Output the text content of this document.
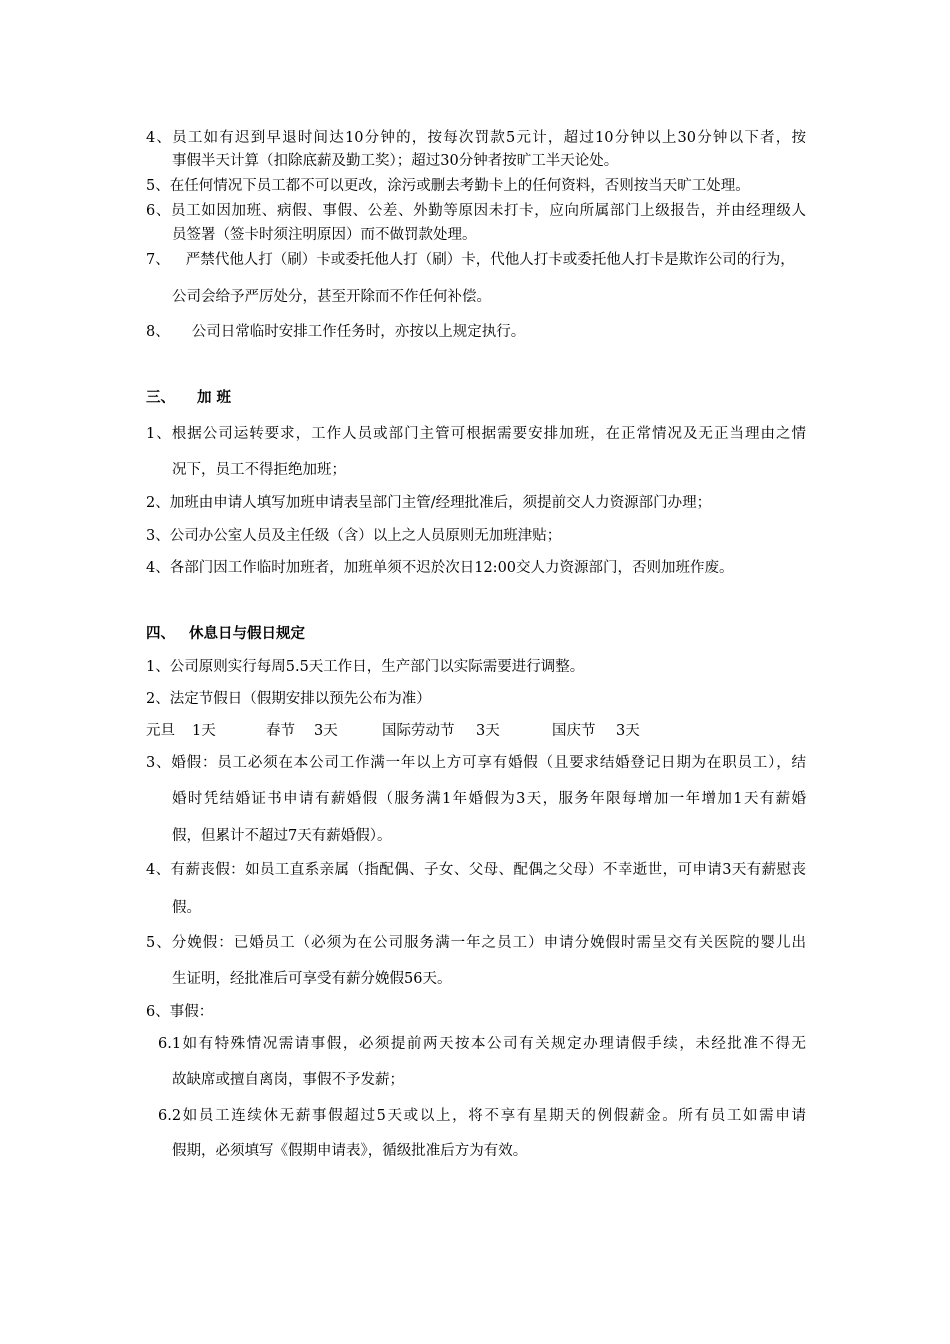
4、员工如有迟到早退时间达10分钟的，按每次罚款5元计，超过10分钟以上30分钟以下者，按
事假半天计算（扣除底薪及勤工奖）；超过30分钟者按旷工半天论处。
5、在任何情况下员工都不可以更改，涂污或删去考勤卡上的任何资料，否则按当天旷工处理。
6、员工如因加班、病假、事假、公差、外勤等原因未打卡，应向所属部门上级报告，并由经理级人
员签署（签卡时须注明原因）而不做罚款处理。
7、 严禁代他人打（刷）卡或委托他人打（刷）卡，代他人打卡或委托他人打卡是欺诈公司的行为，
公司会给予严厉处分，甚至开除而不作任何补偿。
8、 公司日常临时安排工作任务时，亦按以上规定执行。
三、 加 班
1、根据公司运转要求，工作人员或部门主管可根据需要安排加班，在正常情况及无正当理由之情
况下，员工不得拒绝加班；
2、加班由申请人填写加班申请表呈部门主管/经理批准后，须提前交人力资源部门办理；
3、公司办公室人员及主任级（含）以上之人员原则无加班津贴；
4、各部门因工作临时加班者，加班单须不迟於次日12:00交人力资源部门，否则加班作废。
四、 休息日与假日规定
1、公司原则实行每周5.5天工作日，生产部门以实际需要进行调整。
2、法定节假日（假期安排以预先公布为准）
元旦 1天	春节 3天	国际劳动节 3天	国庆节 3天
3、婚假：员工必须在本公司工作满一年以上方可享有婚假（且要求结婚登记日期为在职员工），结
婚时凭结婚证书申请有薪婚假（服务满1年婚假为3天，服务年限每增加一年增加1天有薪婚
假，但累计不超过7天有薪婚假）。
4、有薪丧假：如员工直系亲属（指配偶、子女、父母、配偶之父母）不幸逝世，可申请3天有薪慰丧
假。
5、分娩假：已婚员工（必须为在公司服务满一年之员工）申请分娩假时需呈交有关医院的婴儿出
生证明，经批准后可享受有薪分娩假56天。
6、事假：
6.1如有特殊情况需请事假，必须提前两天按本公司有关规定办理请假手续，未经批准不得无
故缺席或擅自离岗，事假不予发薪；
6.2如员工连续休无薪事假超过5天或以上，将不享有星期天的例假薪金。所有员工如需申请
假期，必须填写《假期申请表》，循级批准后方为有效。
